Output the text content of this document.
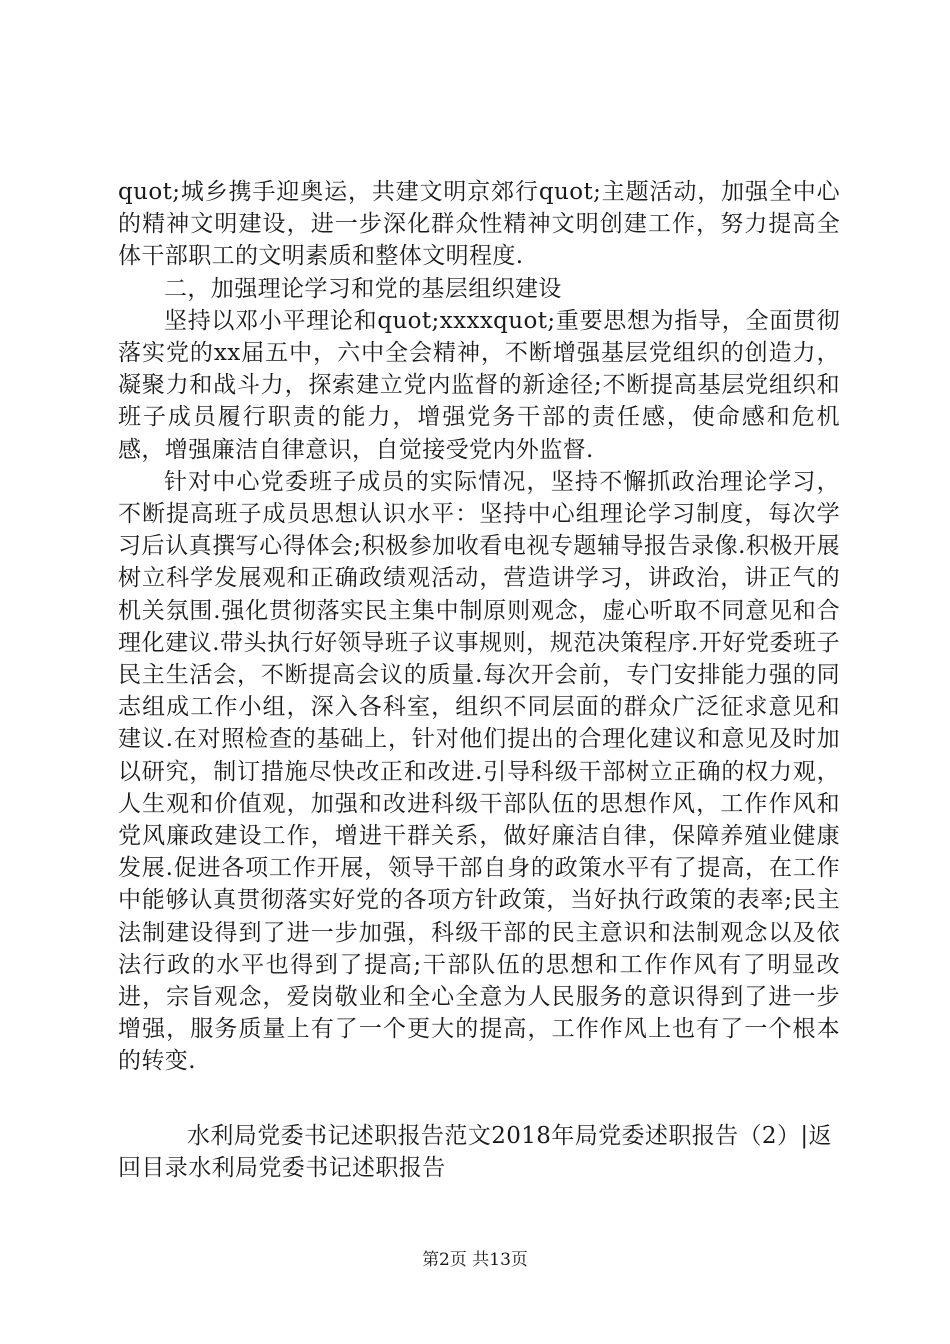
quot;城乡携手迎奥运，共建文明京郊行quot;主题活动，加强全中心的精神文明建设，进一步深化群众性精神文明创建工作，努力提高全体干部职工的文明素质和整体文明程度.

二，加强理论学习和党的基层组织建设

坚持以邓小平理论和quot;xxxxquot;重要思想为指导，全面贯彻落实党的xx届五中，六中全会精神，不断增强基层党组织的创造力，凝聚力和战斗力，探索建立党内监督的新途径;不断提高基层党组织和班子成员履行职责的能力，增强党务干部的责任感，使命感和危机感，增强廉洁自律意识，自觉接受党内外监督.

针对中心党委班子成员的实际情况，坚持不懈抓政治理论学习，不断提高班子成员思想认识水平：坚持中心组理论学习制度，每次学习后认真撰写心得体会;积极参加收看电视专题辅导报告录像.积极开展树立科学发展观和正确政绩观活动，营造讲学习，讲政治，讲正气的机关氛围.强化贯彻落实民主集中制原则观念，虚心听取不同意见和合理化建议.带头执行好领导班子议事规则，规范决策程序.开好党委班子民主生活会，不断提高会议的质量.每次开会前，专门安排能力强的同志组成工作小组，深入各科室，组织不同层面的群众广泛征求意见和建议.在对照检查的基础上，针对他们提出的合理化建议和意见及时加以研究，制订措施尽快改正和改进.引导科级干部树立正确的权力观，人生观和价值观，加强和改进科级干部队伍的思想作风，工作作风和党风廉政建设工作，增进干群关系，做好廉洁自律，保障养殖业健康发展.促进各项工作开展，领导干部自身的政策水平有了提高，在工作中能够认真贯彻落实好党的各项方针政策，当好执行政策的表率;民主法制建设得到了进一步加强，科级干部的民主意识和法制观念以及依法行政的水平也得到了提高;干部队伍的思想和工作作风有了明显改进，宗旨观念，爱岗敬业和全心全意为人民服务的意识得到了进一步增强，服务质量上有了一个更大的提高，工作作风上也有了一个根本的转变.

水利局党委书记述职报告范文2018年局党委述职报告（2）|返回目录水利局党委书记述职报告

第2页 共13页
